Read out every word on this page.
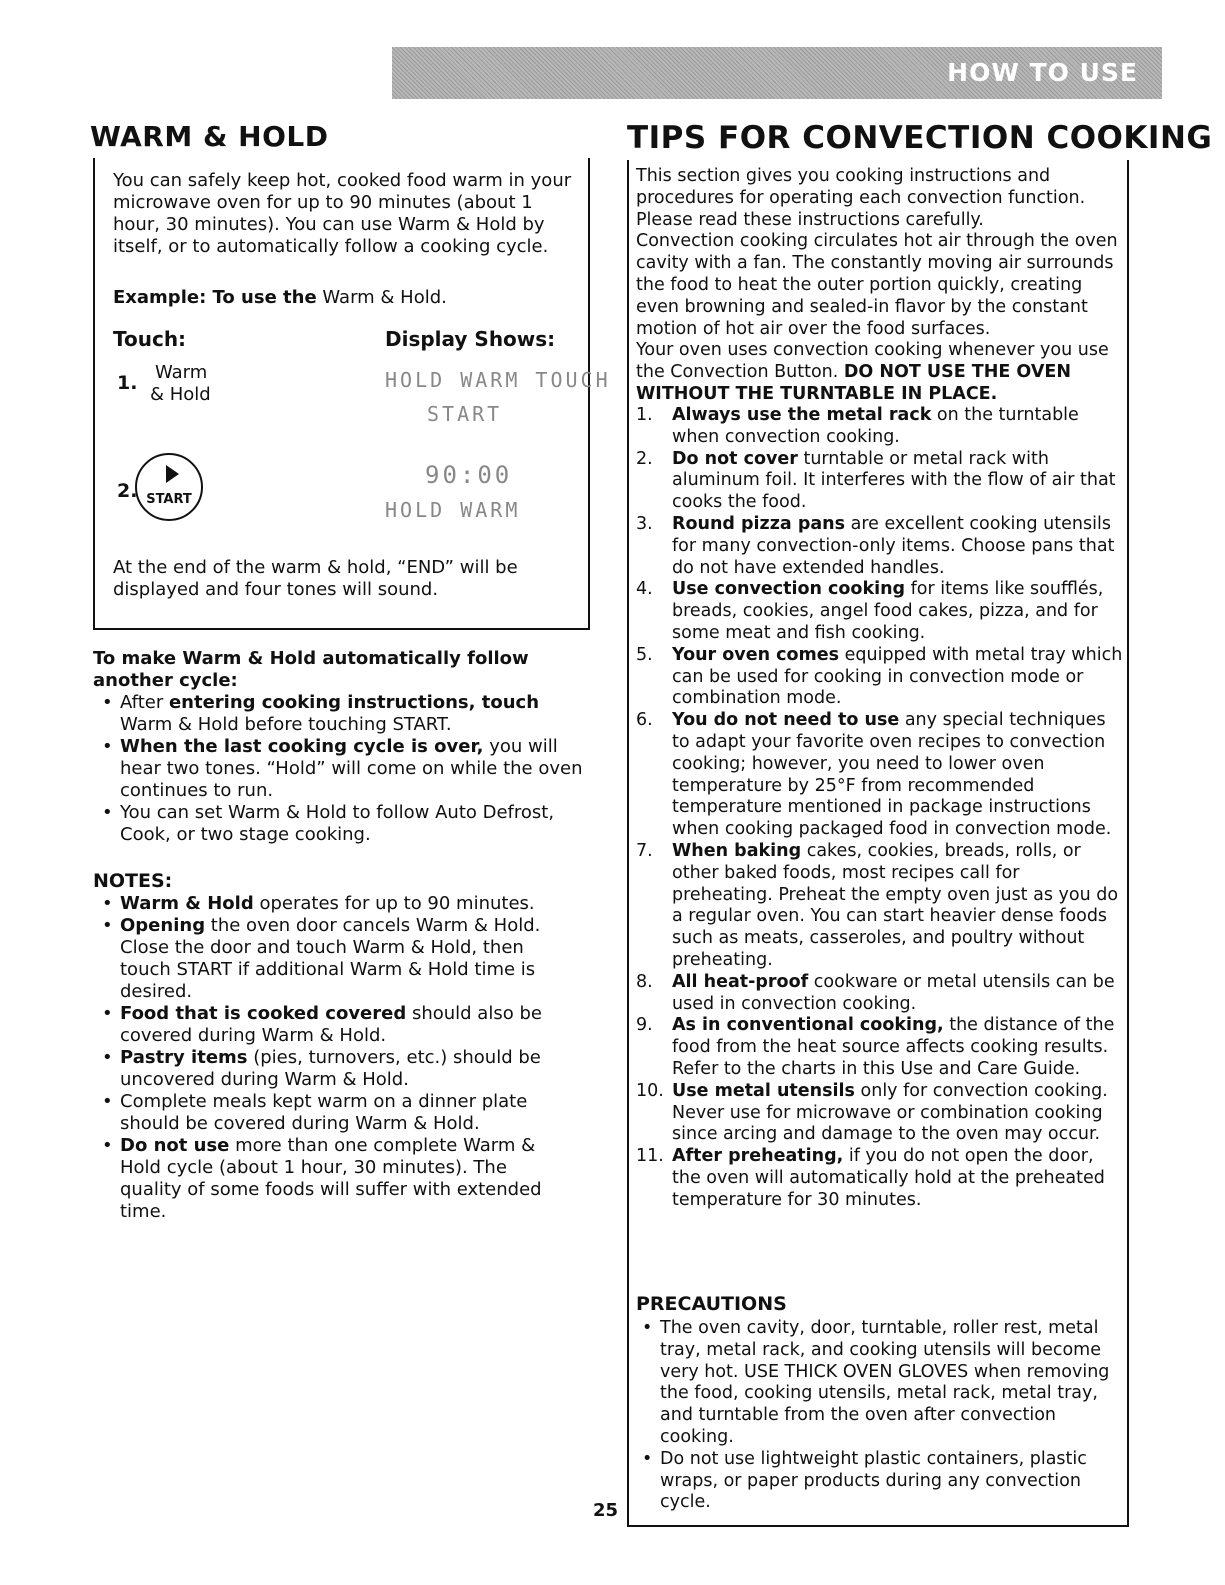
HOW TO USE
WARM & HOLD
You can safely keep hot, cooked food warm in your microwave oven for up to 90 minutes (about 1 hour, 30 minutes). You can use Warm & Hold by itself, or to automatically follow a cooking cycle.
Example: To use the Warm & Hold.
Touch:	Display Shows:
1. Warm
& Hold
HOLD WARM TOUCH
START
2. START
90:00
HOLD WARM
At the end of the warm & hold, “END” will be displayed and four tones will sound.
To make Warm & Hold automatically follow another cycle:
• After entering cooking instructions, touch Warm & Hold before touching START.
• When the last cooking cycle is over, you will hear two tones. “Hold” will come on while the oven continues to run.
• You can set Warm & Hold to follow Auto Defrost, Cook, or two stage cooking.
NOTES:
• Warm & Hold operates for up to 90 minutes.
• Opening the oven door cancels Warm & Hold. Close the door and touch Warm & Hold, then touch START if additional Warm & Hold time is desired.
• Food that is cooked covered should also be covered during Warm & Hold.
• Pastry items (pies, turnovers, etc.) should be uncovered during Warm & Hold.
• Complete meals kept warm on a dinner plate should be covered during Warm & Hold.
• Do not use more than one complete Warm & Hold cycle (about 1 hour, 30 minutes). The quality of some foods will suffer with extended time.
TIPS FOR CONVECTION COOKING
This section gives you cooking instructions and procedures for operating each convection function. Please read these instructions carefully.
Convection cooking circulates hot air through the oven cavity with a fan. The constantly moving air surrounds the food to heat the outer portion quickly, creating even browning and sealed-in flavor by the constant motion of hot air over the food surfaces.
Your oven uses convection cooking whenever you use the Convection Button. DO NOT USE THE OVEN WITHOUT THE TURNTABLE IN PLACE.
1. Always use the metal rack on the turntable when convection cooking.
2. Do not cover turntable or metal rack with aluminum foil. It interferes with the flow of air that cooks the food.
3. Round pizza pans are excellent cooking utensils for many convection-only items. Choose pans that do not have extended handles.
4. Use convection cooking for items like soufflés, breads, cookies, angel food cakes, pizza, and for some meat and fish cooking.
5. Your oven comes equipped with metal tray which can be used for cooking in convection mode or combination mode.
6. You do not need to use any special techniques to adapt your favorite oven recipes to convection cooking; however, you need to lower oven temperature by 25°F from recommended temperature mentioned in package instructions when cooking packaged food in convection mode.
7. When baking cakes, cookies, breads, rolls, or other baked foods, most recipes call for preheating. Preheat the empty oven just as you do a regular oven. You can start heavier dense foods such as meats, casseroles, and poultry without preheating.
8. All heat-proof cookware or metal utensils can be used in convection cooking.
9. As in conventional cooking, the distance of the food from the heat source affects cooking results. Refer to the charts in this Use and Care Guide.
10. Use metal utensils only for convection cooking. Never use for microwave or combination cooking since arcing and damage to the oven may occur.
11. After preheating, if you do not open the door, the oven will automatically hold at the preheated temperature for 30 minutes.
PRECAUTIONS
• The oven cavity, door, turntable, roller rest, metal tray, metal rack, and cooking utensils will become very hot. USE THICK OVEN GLOVES when removing the food, cooking utensils, metal rack, metal tray, and turntable from the oven after convection cooking.
• Do not use lightweight plastic containers, plastic wraps, or paper products during any convection cycle.
25
